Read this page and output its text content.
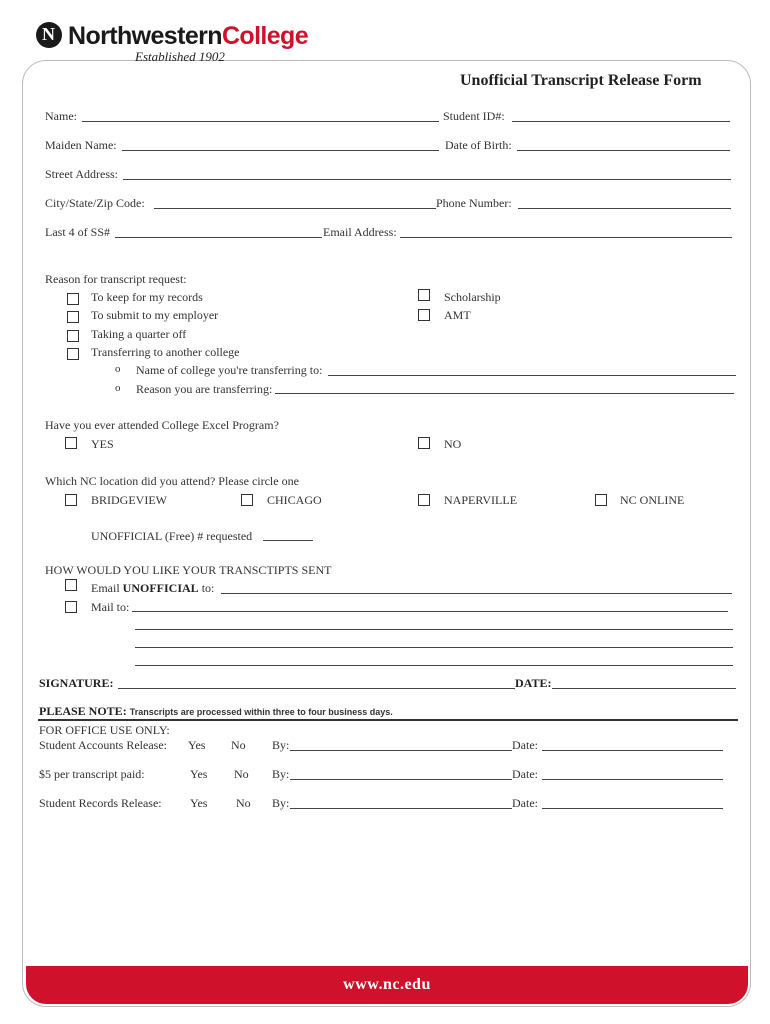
N NorthwesternCollege
Established 1902
Unofficial Transcript Release Form
Name:	Student ID#:
Maiden Name:	Date of Birth:
Street Address:
City/State/Zip Code:	Phone Number:
Last 4 of SS#	Email Address:
Reason for transcript request:
To keep for my records
To submit to my employer
Taking a quarter off
Transferring to another college
Scholarship
AMT
o Name of college you're transferring to:
o Reason you are transferring:
Have you ever attended College Excel Program?
YES	NO
Which NC location did you attend? Please circle one
BRIDGEVIEW	CHICAGO	NAPERVILLE	NC ONLINE
UNOFFICIAL (Free) # requested
HOW WOULD YOU LIKE YOUR TRANSCTIPTS SENT
Email UNOFFICIAL to:
Mail to:
SIGNATURE:	DATE:
PLEASE NOTE: Transcripts are processed within three to four business days.
FOR OFFICE USE ONLY:
Student Accounts Release: Yes No By:	Date:
$5 per transcript paid:	Yes No By:	Date:
Student Records Release: Yes No By:	Date:
www.nc.edu
